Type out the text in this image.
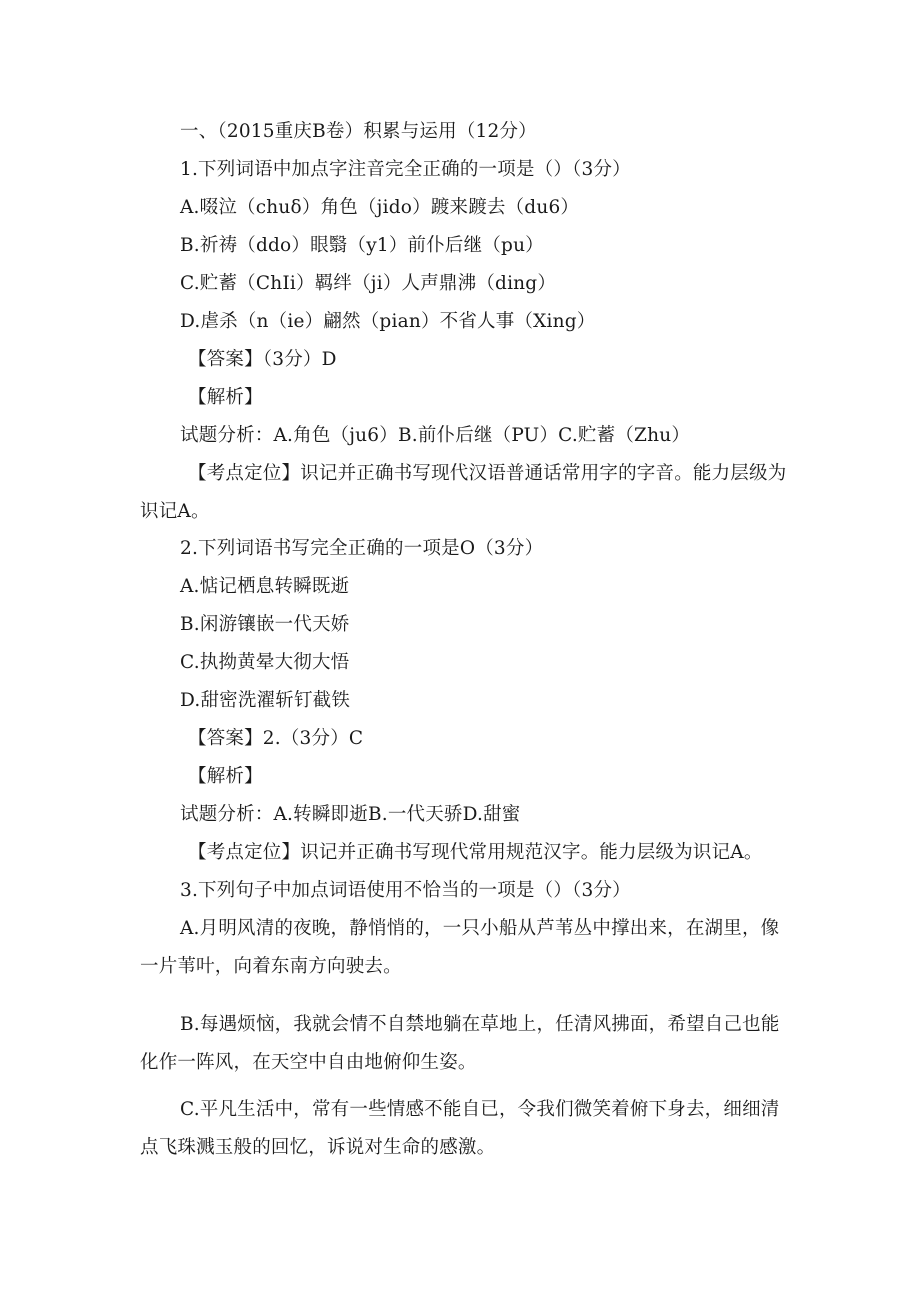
一、（2015重庆B卷）积累与运用（12分）
1.下列词语中加点字注音完全正确的一项是（）（3分）
A.啜泣（chuδ）角色（jido）踱来踱去（du6）
B.祈祷（ddo）眼翳（y1）前仆后继（pu）
C.贮蓄（ChIi）羁绊（ji）人声鼎沸（ding）
D.虐杀（n（ie）翩然（pian）不省人事（Xing）
【答案】（3分）D
【解析】
试题分析：A.角色（ju6）B.前仆后继（PU）C.贮蓄（Zhu）
【考点定位】识记并正确书写现代汉语普通话常用字的字音。能力层级为识记A。
2.下列词语书写完全正确的一项是O（3分）
A.惦记栖息转瞬既逝
B.闲游镶嵌一代天娇
C.执拗黄晕大彻大悟
D.甜密洗濯斩钉截铁
【答案】2.（3分）C
【解析】
试题分析：A.转瞬即逝B.一代天骄D.甜蜜
【考点定位】识记并正确书写现代常用规范汉字。能力层级为识记A。
3.下列句子中加点词语使用不恰当的一项是（）（3分）
A.月明风清的夜晚，静悄悄的，一只小船从芦苇丛中撑出来，在湖里，像一片苇叶，向着东南方向驶去。
B.每遇烦恼，我就会情不自禁地躺在草地上，任清风拂面，希望自己也能化作一阵风，在天空中自由地俯仰生姿。
C.平凡生活中，常有一些情感不能自已，令我们微笑着俯下身去，细细清点飞珠溅玉般的回忆，诉说对生命的感激。
